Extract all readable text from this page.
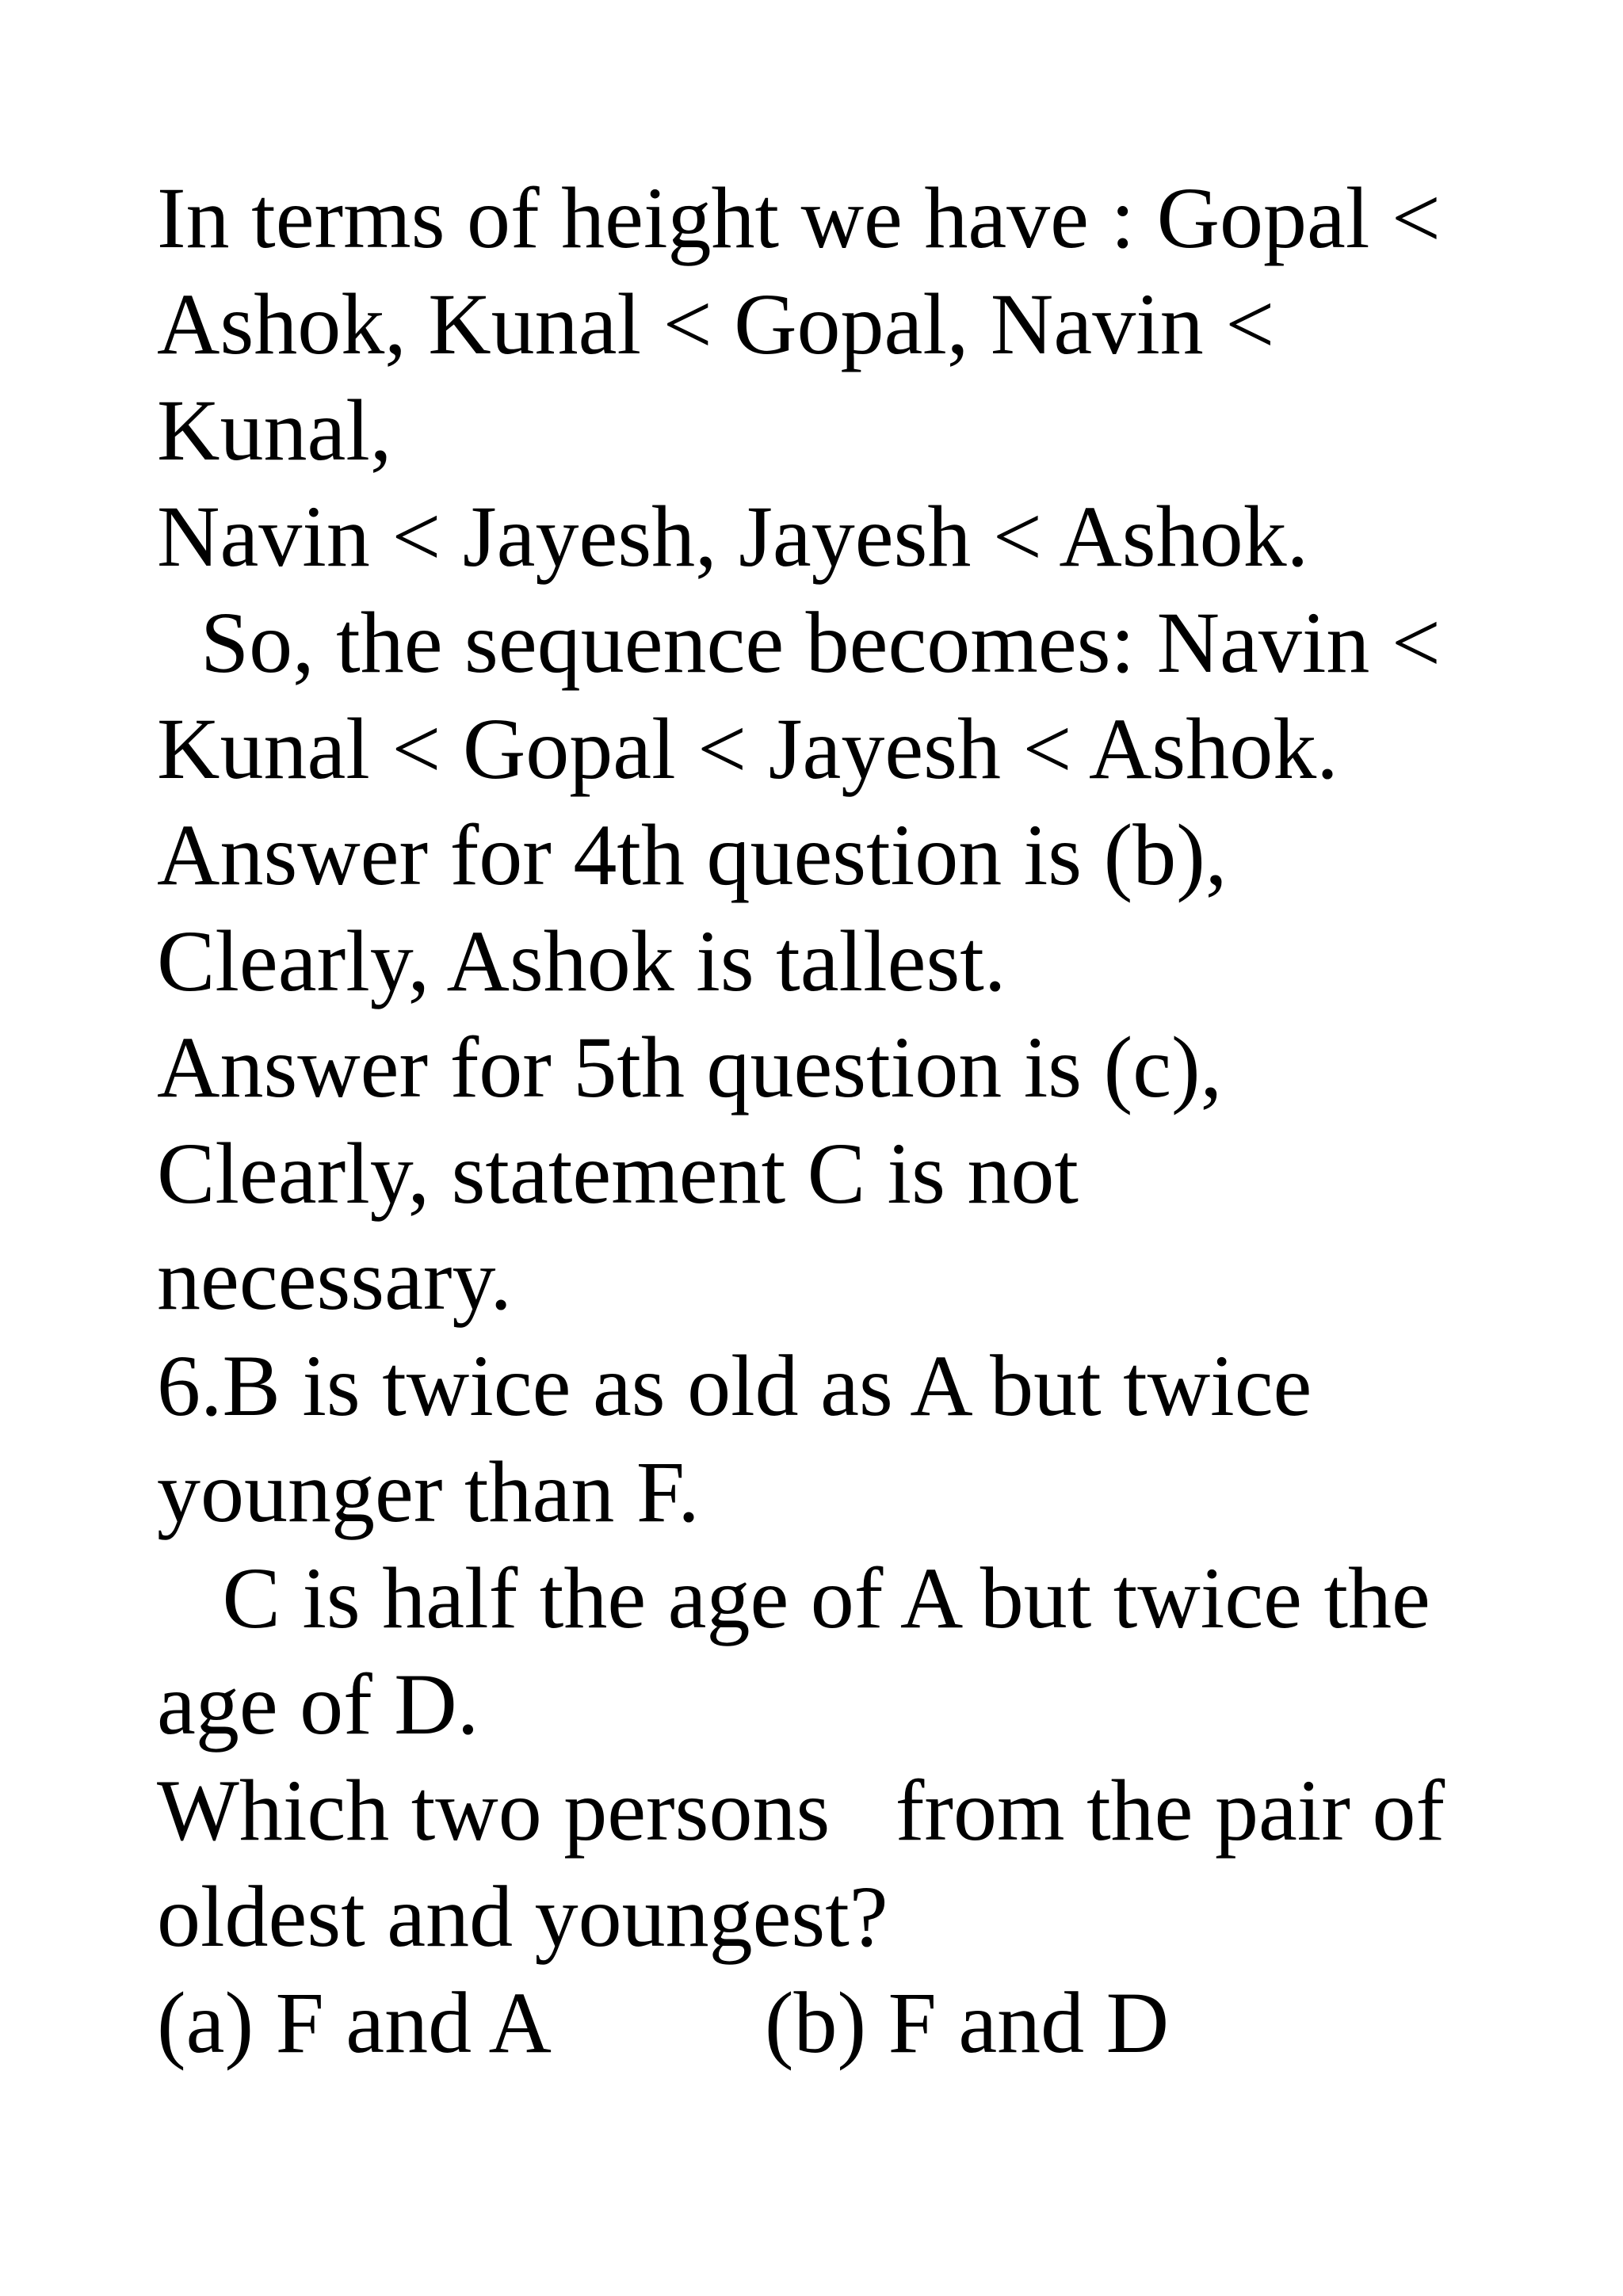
In terms of height we have : Gopal <
Ashok, Kunal < Gopal, Navin <
Kunal,
Navin < Jayesh, Jayesh < Ashok.
So, the sequence becomes: Navin <
Kunal < Gopal < Jayesh < Ashok.
Answer for 4th question is (b),
Clearly, Ashok is tallest.
Answer for 5th question is (c),
Clearly, statement C is not
necessary.
6.B is twice as old as A but twice
younger than F.
C is half the age of A but twice the
age of D.
Which two persons   from the pair of
oldest and youngest?
(a) F and A          (b) F and D
